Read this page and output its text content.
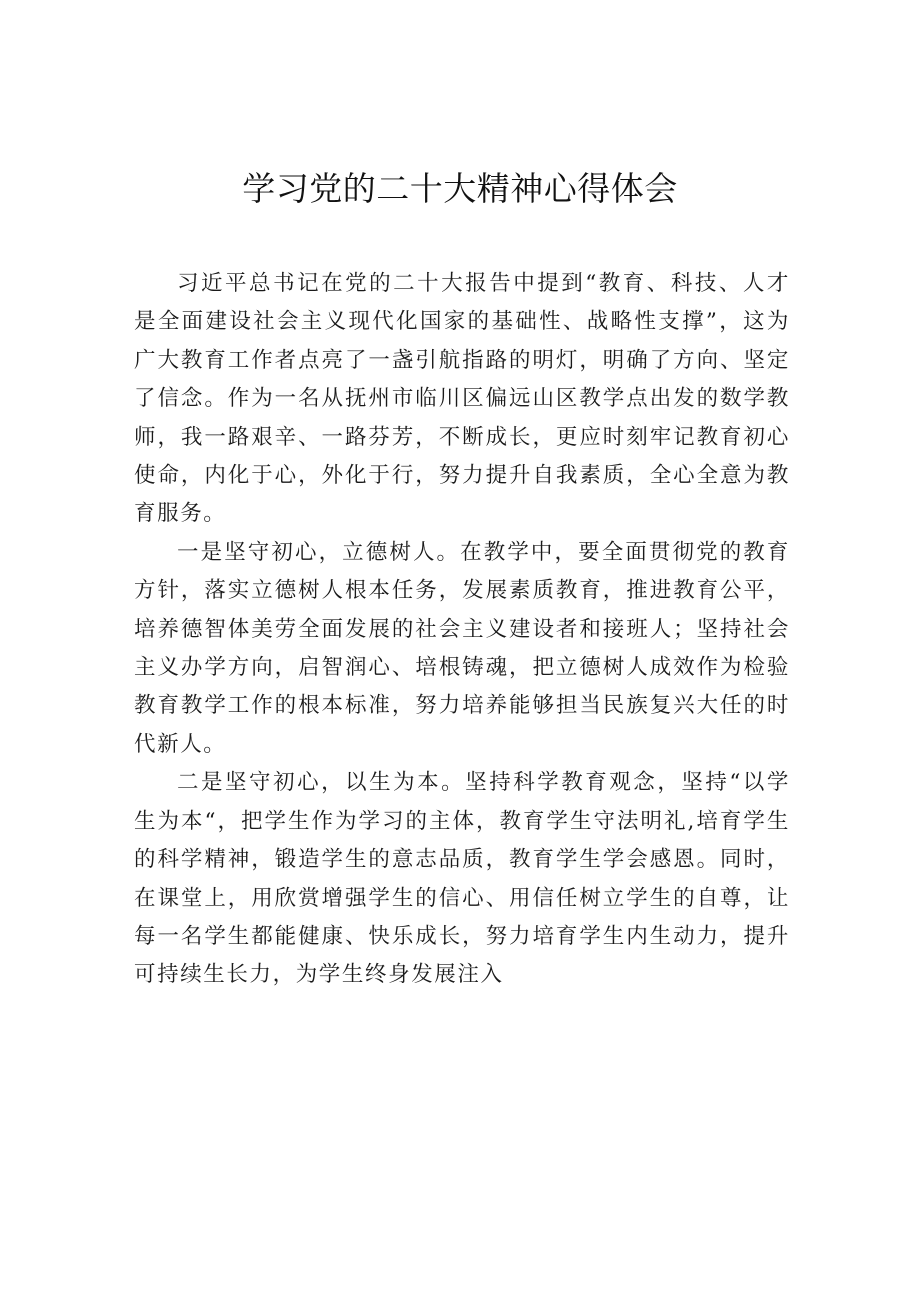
学习党的二十大精神心得体会

习近平总书记在党的二十大报告中提到“教育、科技、人才是全面建设社会主义现代化国家的基础性、战略性支撑”，这为广大教育工作者点亮了一盏引航指路的明灯，明确了方向、坚定了信念。作为一名从抚州市临川区偏远山区教学点出发的数学教师，我一路艰辛、一路芬芳，不断成长，更应时刻牢记教育初心使命，内化于心，外化于行，努力提升自我素质，全心全意为教育服务。

一是坚守初心，立德树人。在教学中，要全面贯彻党的教育方针，落实立德树人根本任务，发展素质教育，推进教育公平，培养德智体美劳全面发展的社会主义建设者和接班人；坚持社会主义办学方向，启智润心、培根铸魂，把立德树人成效作为检验教育教学工作的根本标准，努力培养能够担当民族复兴大任的时代新人。

二是坚守初心，以生为本。坚持科学教育观念，坚持“以学生为本“，把学生作为学习的主体，教育学生守法明礼,培育学生的科学精神，锻造学生的意志品质，教育学生学会感恩。同时，在课堂上，用欣赏增强学生的信心、用信任树立学生的自尊，让每一名学生都能健康、快乐成长，努力培育学生内生动力，提升可持续生长力，为学生终身发展注入
